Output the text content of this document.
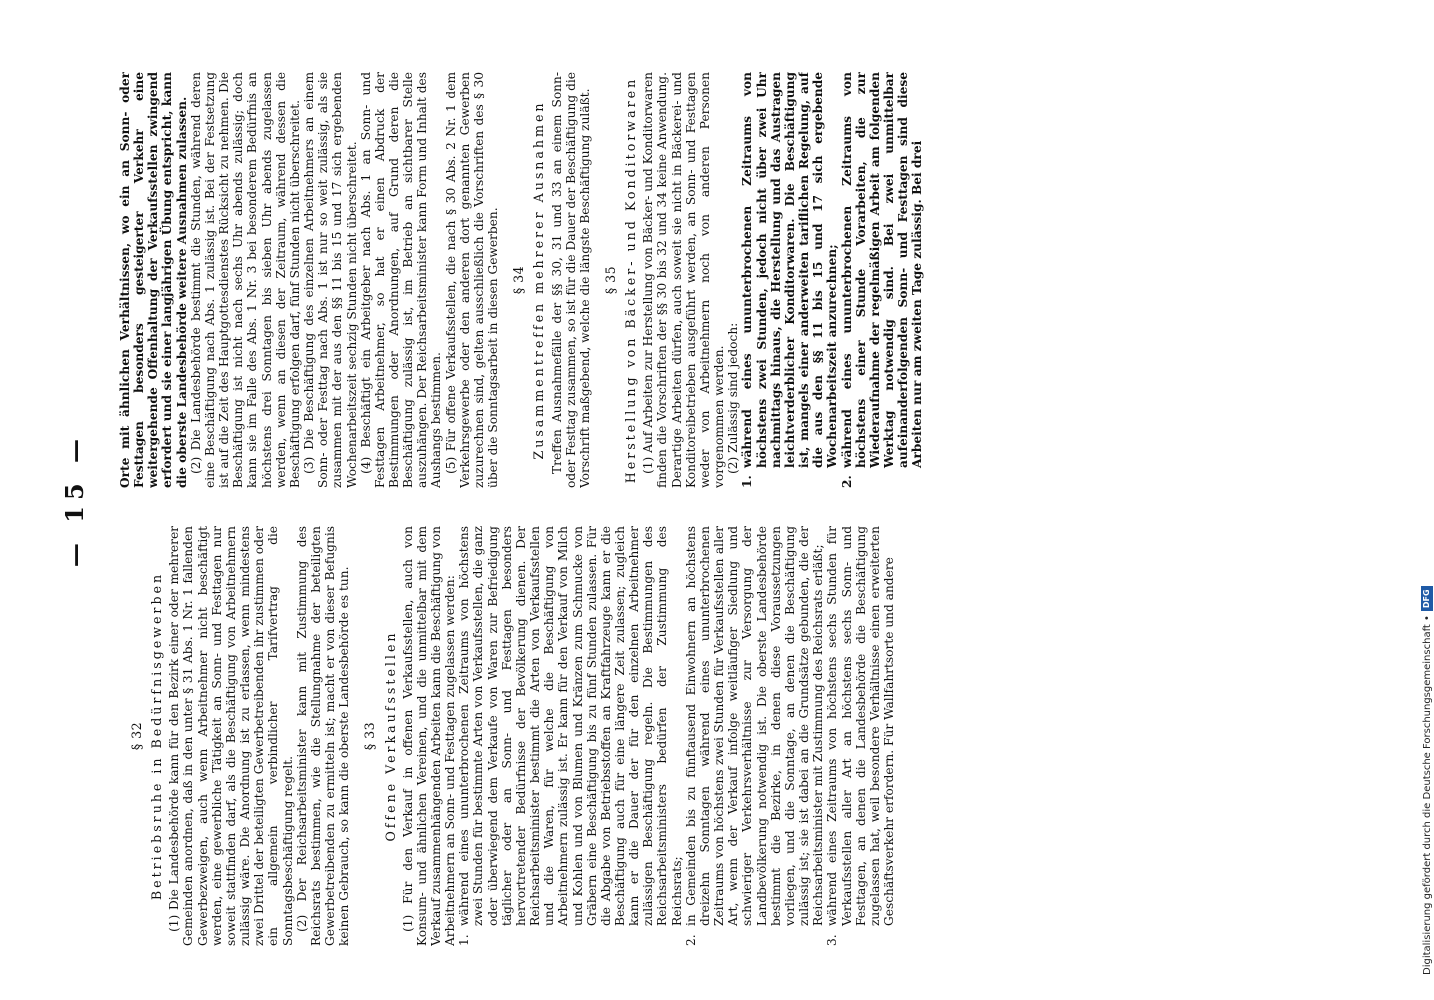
— 15 —
§ 32 Betriebsruhe in Bedürfnisgewerben (1) Die Landesbehörde kann für den Bezirk einer oder mehrerer Gemeinden anordnen, daß in den unter § 31 Abs. 1 Nr. 1 fallenden Gewerbezweigen, auch wenn Arbeitnehmer nicht beschäftigt werden, eine gewerbliche Tätigkeit an Sonn- und Festtagen nur soweit stattfinden darf, als die Beschäftigung von Arbeitnehmern zulässig wäre. Die Anordnung ist zu erlassen, wenn mindestens zwei Drittel der beteiligten Gewerbetreibenden ihr zustimmen oder ein allgemein verbindlicher Tarifvertrag die Sonntagsbeschäftigung regelt. (2) Der Reichsarbeitsminister kann mit Zustimmung des Reichsrats bestimmen, wie die Stellungnahme der beteiligten Gewerbetreibenden zu ermitteln ist; macht er von dieser Befugnis keinen Gebrauch, so kann die oberste Landesbehörde es tun. § 33 Offene Verkaufsstellen (1) Für den Verkauf in offenen Verkaufsstellen, auch von Konsum- und ähnlichen Vereinen, und die unmittelbar mit dem Verkauf zusammenhängenden Arbeiten kann die Beschäftigung von Arbeitnehmern an Sonn- und Festtagen zugelassen werden: 1.
während eines ununterbrochenen Zeitraums von höchstens zwei Stunden für bestimmte Arten von Verkaufsstellen, die ganz oder überwiegend dem Verkaufe von Waren zur Befriedigung täglicher oder an Sonn- und Festtagen besonders hervortretender Bedürfnisse der Bevölkerung dienen. Der Reichsarbeitsminister bestimmt die Arten von Verkaufsstellen und die Waren, für welche die Beschäftigung von Arbeitnehmern zulässig ist. Er kann für den Verkauf von Milch und Kohlen und von Blumen und Kränzen zum Schmucke von Gräbern eine Beschäftigung bis zu fünf Stunden zulassen. Für die Abgabe von Betriebsstoffen an Kraftfahrzeuge kann er die Beschäftigung auch für eine längere Zeit zulassen; zugleich kann er die Dauer der für den einzelnen Arbeitnehmer zulässigen Beschäftigung regeln. Die Bestimmungen des Reichsarbeitsministers bedürfen der Zustimmung des Reichsrats;
2.
in Gemeinden bis zu fünftausend Einwohnern an höchstens dreizehn Sonntagen während eines ununterbrochenen Zeitraums von höchstens zwei Stunden für Verkaufsstellen aller Art, wenn der Verkauf infolge weitläufiger Siedlung und schwieriger Verkehrsverhältnisse zur Versorgung der Landbevölkerung notwendig ist. Die oberste Landesbehörde bestimmt die Bezirke, in denen diese Voraussetzungen vorliegen, und die Sonntage, an denen die Beschäftigung zulässig ist; sie ist dabei an die Grundsätze gebunden, die der Reichsarbeitsminister mit Zustimmung des Reichsrats erläßt;
3.
während eines Zeitraums von höchstens sechs Stunden für Verkaufsstellen aller Art an höchstens sechs Sonn- und Festtagen, an denen die Landesbehörde die Beschäftigung zugelassen hat, weil besondere Verhältnisse einen erweiterten Geschäftsverkehr erfordern. Für Wallfahrtsorte und andere

Orte mit ähnlichen Verhältnissen, wo ein an Sonn- oder Festtagen besonders gesteigerter Verkehr eine weitergehende Offenhaltung der Verkaufsstellen zwingend erfordert und sie einer langjährigen Übung entspricht, kann die oberste Landesbehörde weitere Ausnahmen zulassen. (2) Die Landesbehörde bestimmt die Stunden, während deren eine Beschäftigung nach Abs. 1 zulässig ist. Bei der Festsetzung ist auf die Zeit des Hauptgottesdienstes Rücksicht zu nehmen. Die Beschäftigung ist nicht nach sechs Uhr abends zulässig; doch kann sie im Falle des Abs. 1 Nr. 3 bei besonderem Bedürfnis an höchstens drei Sonntagen bis sieben Uhr abends zugelassen werden, wenn an diesen der Zeitraum, während dessen die Beschäftigung erfolgen darf, fünf Stunden nicht überschreitet. (3) Die Beschäftigung des einzelnen Arbeitnehmers an einem Sonn- oder Festtag nach Abs. 1 ist nur so weit zulässig, als sie zusammen mit der aus den §§ 11 bis 15 und 17 sich ergebenden Wochenarbeitszeit sechzig Stunden nicht überschreitet. (4) Beschäftigt ein Arbeitgeber nach Abs. 1 an Sonn- und Festtagen Arbeitnehmer, so hat er einen Abdruck der Bestimmungen oder Anordnungen, auf Grund deren die Beschäftigung zulässig ist, im Betrieb an sichtbarer Stelle auszuhängen. Der Reichsarbeitsminister kann Form und Inhalt des Aushangs bestimmen. (5) Für offene Verkaufsstellen, die nach § 30 Abs. 2 Nr. 1 dem Verkehrsgewerbe oder den anderen dort genannten Gewerben zuzurechnen sind, gelten ausschließlich die Vorschriften des § 30 über die Sonntagsarbeit in diesen Gewerben. § 34 Zusammentreffen mehrerer Ausnahmen Treffen Ausnahmefälle der §§ 30, 31 und 33 an einem Sonn- oder Festtag zusammen, so ist für die Dauer der Beschäftigung die Vorschrift maßgebend, welche die längste Beschäftigung zuläßt. § 35 Herstellung von Bäcker- und Konditorwaren (1) Auf Arbeiten zur Herstellung von Bäcker- und Konditorwaren finden die Vorschriften der §§ 30 bis 32 und 34 keine Anwendung. Derartige Arbeiten dürfen, auch soweit sie nicht in Bäckerei- und Konditoreibetrieben ausgeführt werden, an Sonn- und Festtagen weder von Arbeitnehmern noch von anderen Personen vorgenommen werden. (2) Zulässig sind jedoch:

1.
während eines ununterbrochenen Zeitraums von höchstens zwei Stunden, jedoch nicht über zwei Uhr nachmittags hinaus, die Herstellung und das Austragen leichtverderblicher Konditorwaren. Die Beschäftigung ist, mangels einer anderweiten tariflichen Regelung, auf die aus den §§ 11 bis 15 und 17 sich ergebende Wochenarbeitszeit anzurechnen;
2.
während eines ununterbrochenen Zeitraums von höchstens einer Stunde Vorarbeiten, die zur Wiederaufnahme der regelmäßigen Arbeit am folgenden Werktag notwendig sind. Bei zwei unmittelbar aufeinanderfolgenden Sonn- und Festtagen sind diese Arbeiten nur am zweiten Tage zulässig. Bei drei
Digitalisierung gefördert durch die Deutsche Forschungsgemeinschaft •
DFG
